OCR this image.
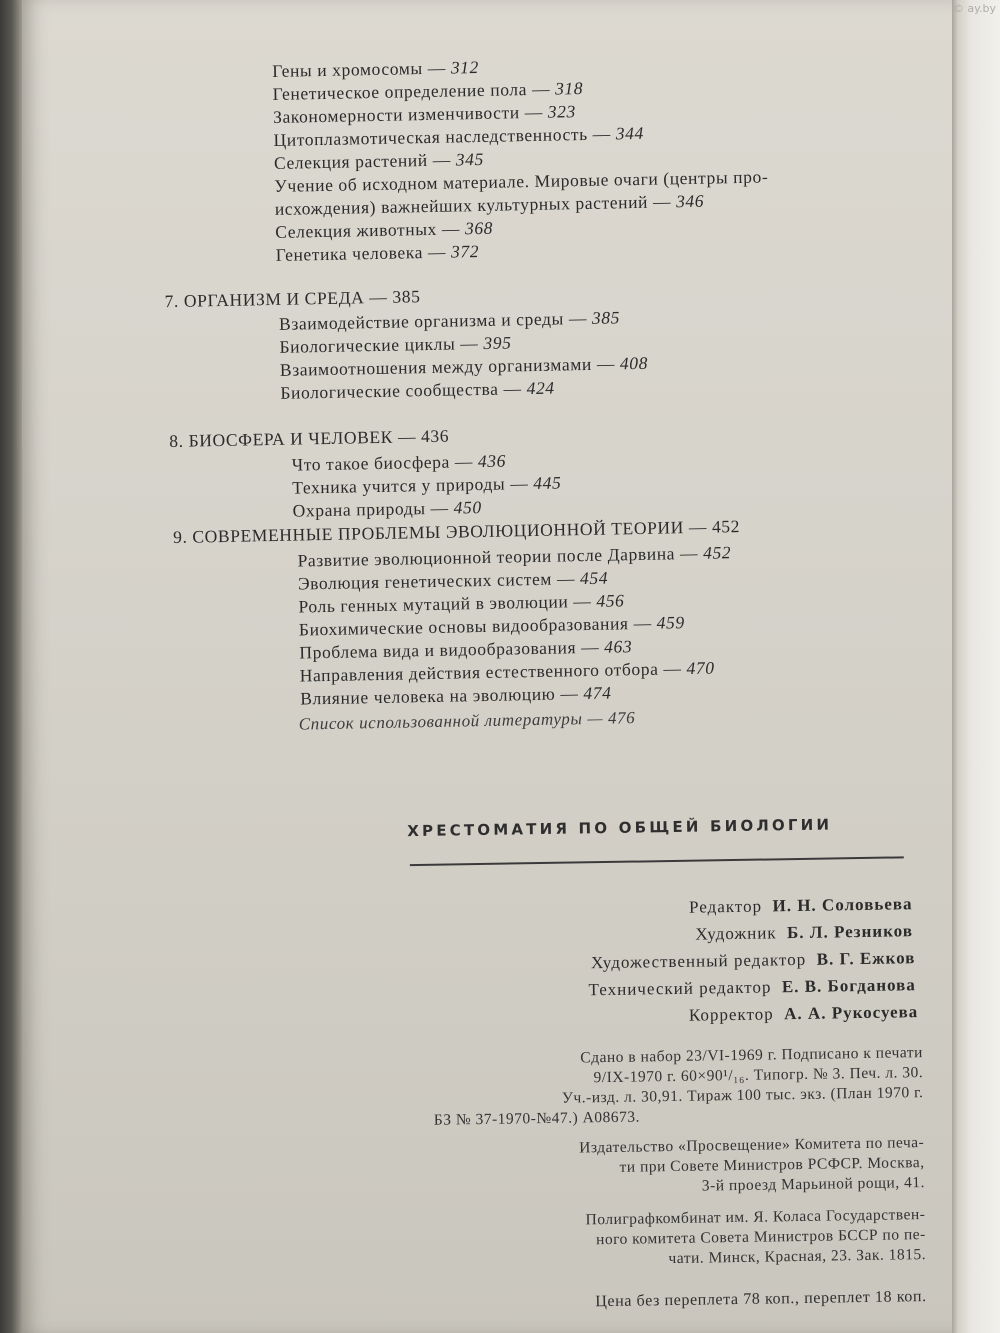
Гены и хромосомы — 312
Генетическое определение пола — 318
Закономерности изменчивости — 323
Цитоплазмотическая наследственность — 344
Селекция растений — 345
Учение об исходном материале. Мировые очаги (центры про-
исхождения) важнейших культурных растений — 346
Селекция животных — 368
Генетика человека — 372
7. ОРГАНИЗМ И СРЕДА — 385
Взаимодействие организма и среды — 385
Биологические циклы — 395
Взаимоотношения между организмами — 408
Биологические сообщества — 424
8. БИОСФЕРА И ЧЕЛОВЕК — 436
Что такое биосфера — 436
Техника учится у природы — 445
Охрана природы — 450
9. СОВРЕМЕННЫЕ ПРОБЛЕМЫ ЭВОЛЮЦИОННОЙ ТЕОРИИ — 452
Развитие эволюционной теории после Дарвина — 452
Эволюция генетических систем — 454
Роль генных мутаций в эволюции — 456
Биохимические основы видообразования — 459
Проблема вида и видообразования — 463
Направления действия естественного отбора — 470
Влияние человека на эволюцию — 474
Список использованной литературы — 476
ХРЕСТОМАТИЯ ПО ОБЩЕЙ БИОЛОГИИ
Редактор И. Н. Соловьева
Художник Б. Л. Резников
Художественный редактор В. Г. Ежков
Технический редактор Е. В. Богданова
Корректор А. А. Рукосуева
Сдано в набор 23/VI-1969 г. Подписано к печати
9/IX-1970 г. 60×90¹/₁₆. Типогр. № 3. Печ. л. 30.
Уч.-изд. л. 30,91. Тираж 100 тыс. экз. (План 1970 г.
БЗ № 37-1970-№47.) А08673.
Издательство «Просвещение» Комитета по печа-
ти при Совете Министров РСФСР. Москва,
3-й проезд Марьиной рощи, 41.
Полиграфкомбинат им. Я. Коласа Государствен-
ного комитета Совета Министров БССР по пе-
чати. Минск, Красная, 23. Зак. 1815.
Цена без переплета 78 коп., переплет 18 коп.
© ay.by
